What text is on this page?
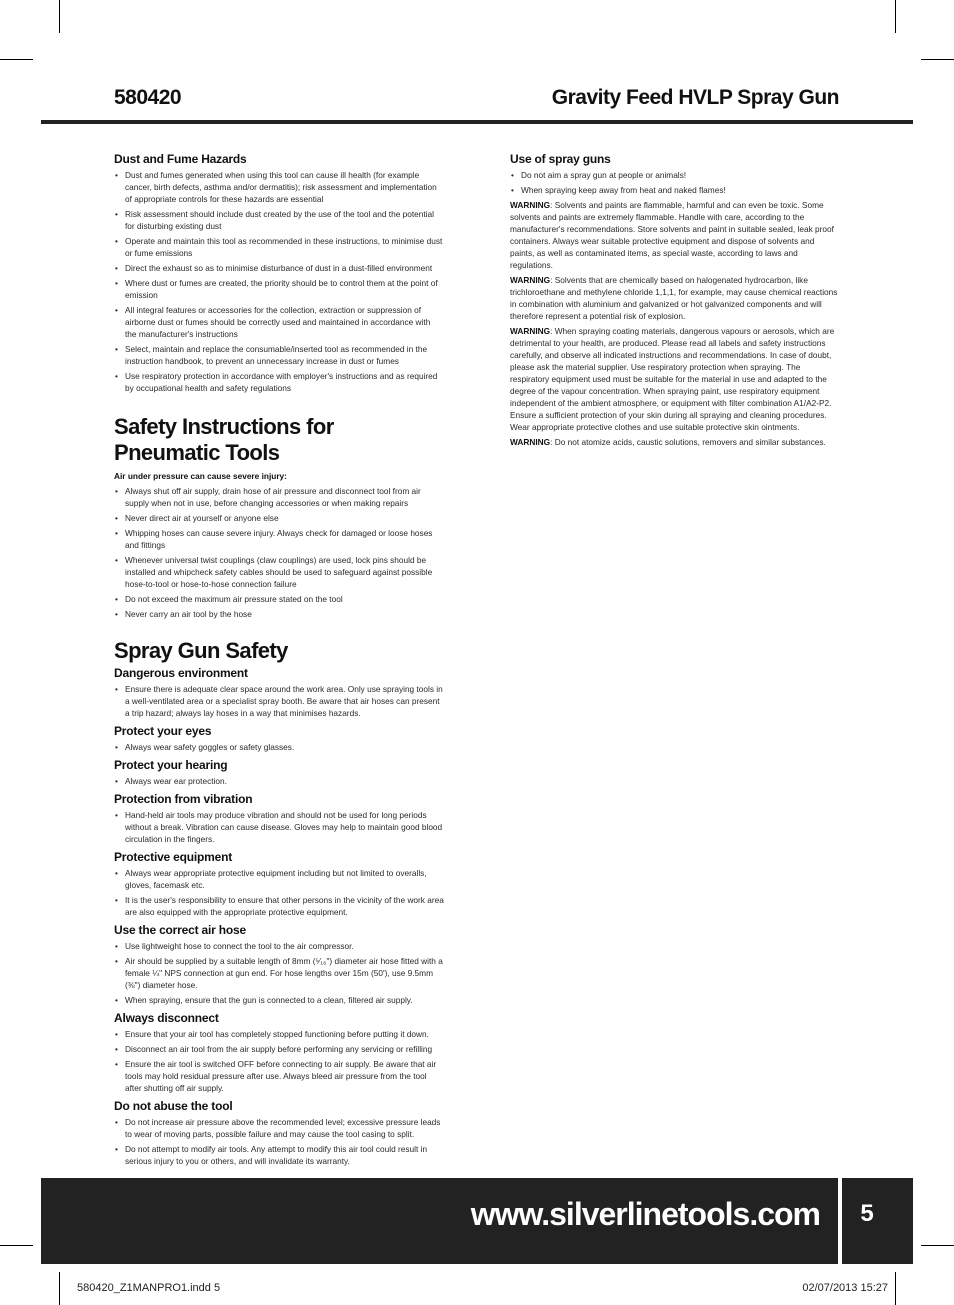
580420	Gravity Feed HVLP Spray Gun
Dust and Fume Hazards
• Dust and fumes generated when using this tool can cause ill health (for example cancer, birth defects, asthma and/or dermatitis); risk assessment and implementation of appropriate controls for these hazards are essential
• Risk assessment should include dust created by the use of the tool and the potential for disturbing existing dust
• Operate and maintain this tool as recommended in these instructions, to minimise dust or fume emissions
• Direct the exhaust so as to minimise disturbance of dust in a dust-filled environment
• Where dust or fumes are created, the priority should be to control them at the point of emission
• All integral features or accessories for the collection, extraction or suppression of airborne dust or fumes should be correctly used and maintained in accordance with the manufacturer's instructions
• Select, maintain and replace the consumable/inserted tool as recommended in the instruction handbook, to prevent an unnecessary increase in dust or fumes
• Use respiratory protection in accordance with employer's instructions and as required by occupational health and safety regulations
Safety Instructions for Pneumatic Tools
Air under pressure can cause severe injury:
• Always shut off air supply, drain hose of air pressure and disconnect tool from air supply when not in use, before changing accessories or when making repairs
• Never direct air at yourself or anyone else
• Whipping hoses can cause severe injury. Always check for damaged or loose hoses and fittings
• Whenever universal twist couplings (claw couplings) are used, lock pins should be installed and whipcheck safety cables should be used to safeguard against possible hose-to-tool or hose-to-hose connection failure
• Do not exceed the maximum air pressure stated on the tool
• Never carry an air tool by the hose
Spray Gun Safety
Dangerous environment
• Ensure there is adequate clear space around the work area. Only use spraying tools in a well-ventilated area or a specialist spray booth. Be aware that air hoses can present a trip hazard; always lay hoses in a way that minimises hazards.
Protect your eyes
• Always wear safety goggles or safety glasses.
Protect your hearing
• Always wear ear protection.
Protection from vibration
• Hand-held air tools may produce vibration and should not be used for long periods without a break. Vibration can cause disease. Gloves may help to maintain good blood circulation in the fingers.
Protective equipment
• Always wear appropriate protective equipment including but not limited to overalls, gloves, facemask etc.
• It is the user's responsibility to ensure that other persons in the vicinity of the work area are also equipped with the appropriate protective equipment.
Use the correct air hose
• Use lightweight hose to connect the tool to the air compressor.
• Air should be supplied by a suitable length of 8mm (⁵⁄₁₆") diameter air hose fitted with a female ¼" NPS connection at gun end. For hose lengths over 15m (50'), use 9.5mm (⅜") diameter hose.
• When spraying, ensure that the gun is connected to a clean, filtered air supply.
Always disconnect
• Ensure that your air tool has completely stopped functioning before putting it down.
• Disconnect an air tool from the air supply before performing any servicing or refilling
• Ensure the air tool is switched OFF before connecting to air supply. Be aware that air tools may hold residual pressure after use. Always bleed air pressure from the tool after shutting off air supply.
Do not abuse the tool
• Do not increase air pressure above the recommended level; excessive pressure leads to wear of moving parts, possible failure and may cause the tool casing to split.
• Do not attempt to modify air tools. Any attempt to modify this air tool could result in serious injury to you or others, and will invalidate its warranty.
Use of spray guns
• Do not aim a spray gun at people or animals!
• When spraying keep away from heat and naked flames!

WARNING: Solvents and paints are flammable, harmful and can even be toxic. Some solvents and paints are extremely flammable. Handle with care, according to the manufacturer's recommendations. Store solvents and paint in suitable sealed, leak proof containers. Always wear suitable protective equipment and dispose of solvents and paints, as well as contaminated items, as special waste, according to laws and regulations.

WARNING: Solvents that are chemically based on halogenated hydrocarbon, like trichloroethane and methylene chloride 1,1,1, for example, may cause chemical reactions in combination with aluminium and galvanized or hot galvanized components and will therefore represent a potential risk of explosion.

WARNING: When spraying coating materials, dangerous vapours or aerosols, which are detrimental to your health, are produced. Please read all labels and safety instructions carefully, and observe all indicated instructions and recommendations. In case of doubt, please ask the material supplier. Use respiratory protection when spraying. The respiratory equipment used must be suitable for the material in use and adapted to the degree of the vapour concentration. When spraying paint, use respiratory equipment independent of the ambient atmosphere, or equipment with filter combination A1/A2-P2. Ensure a sufficient protection of your skin during all spraying and cleaning procedures. Wear appropriate protective clothes and use suitable protective skin ointments.

WARNING: Do not atomize acids, caustic solutions, removers and similar substances.

www.silverlinetools.com	5
580420_Z1MANPRO1.indd 5	02/07/2013 15:27
